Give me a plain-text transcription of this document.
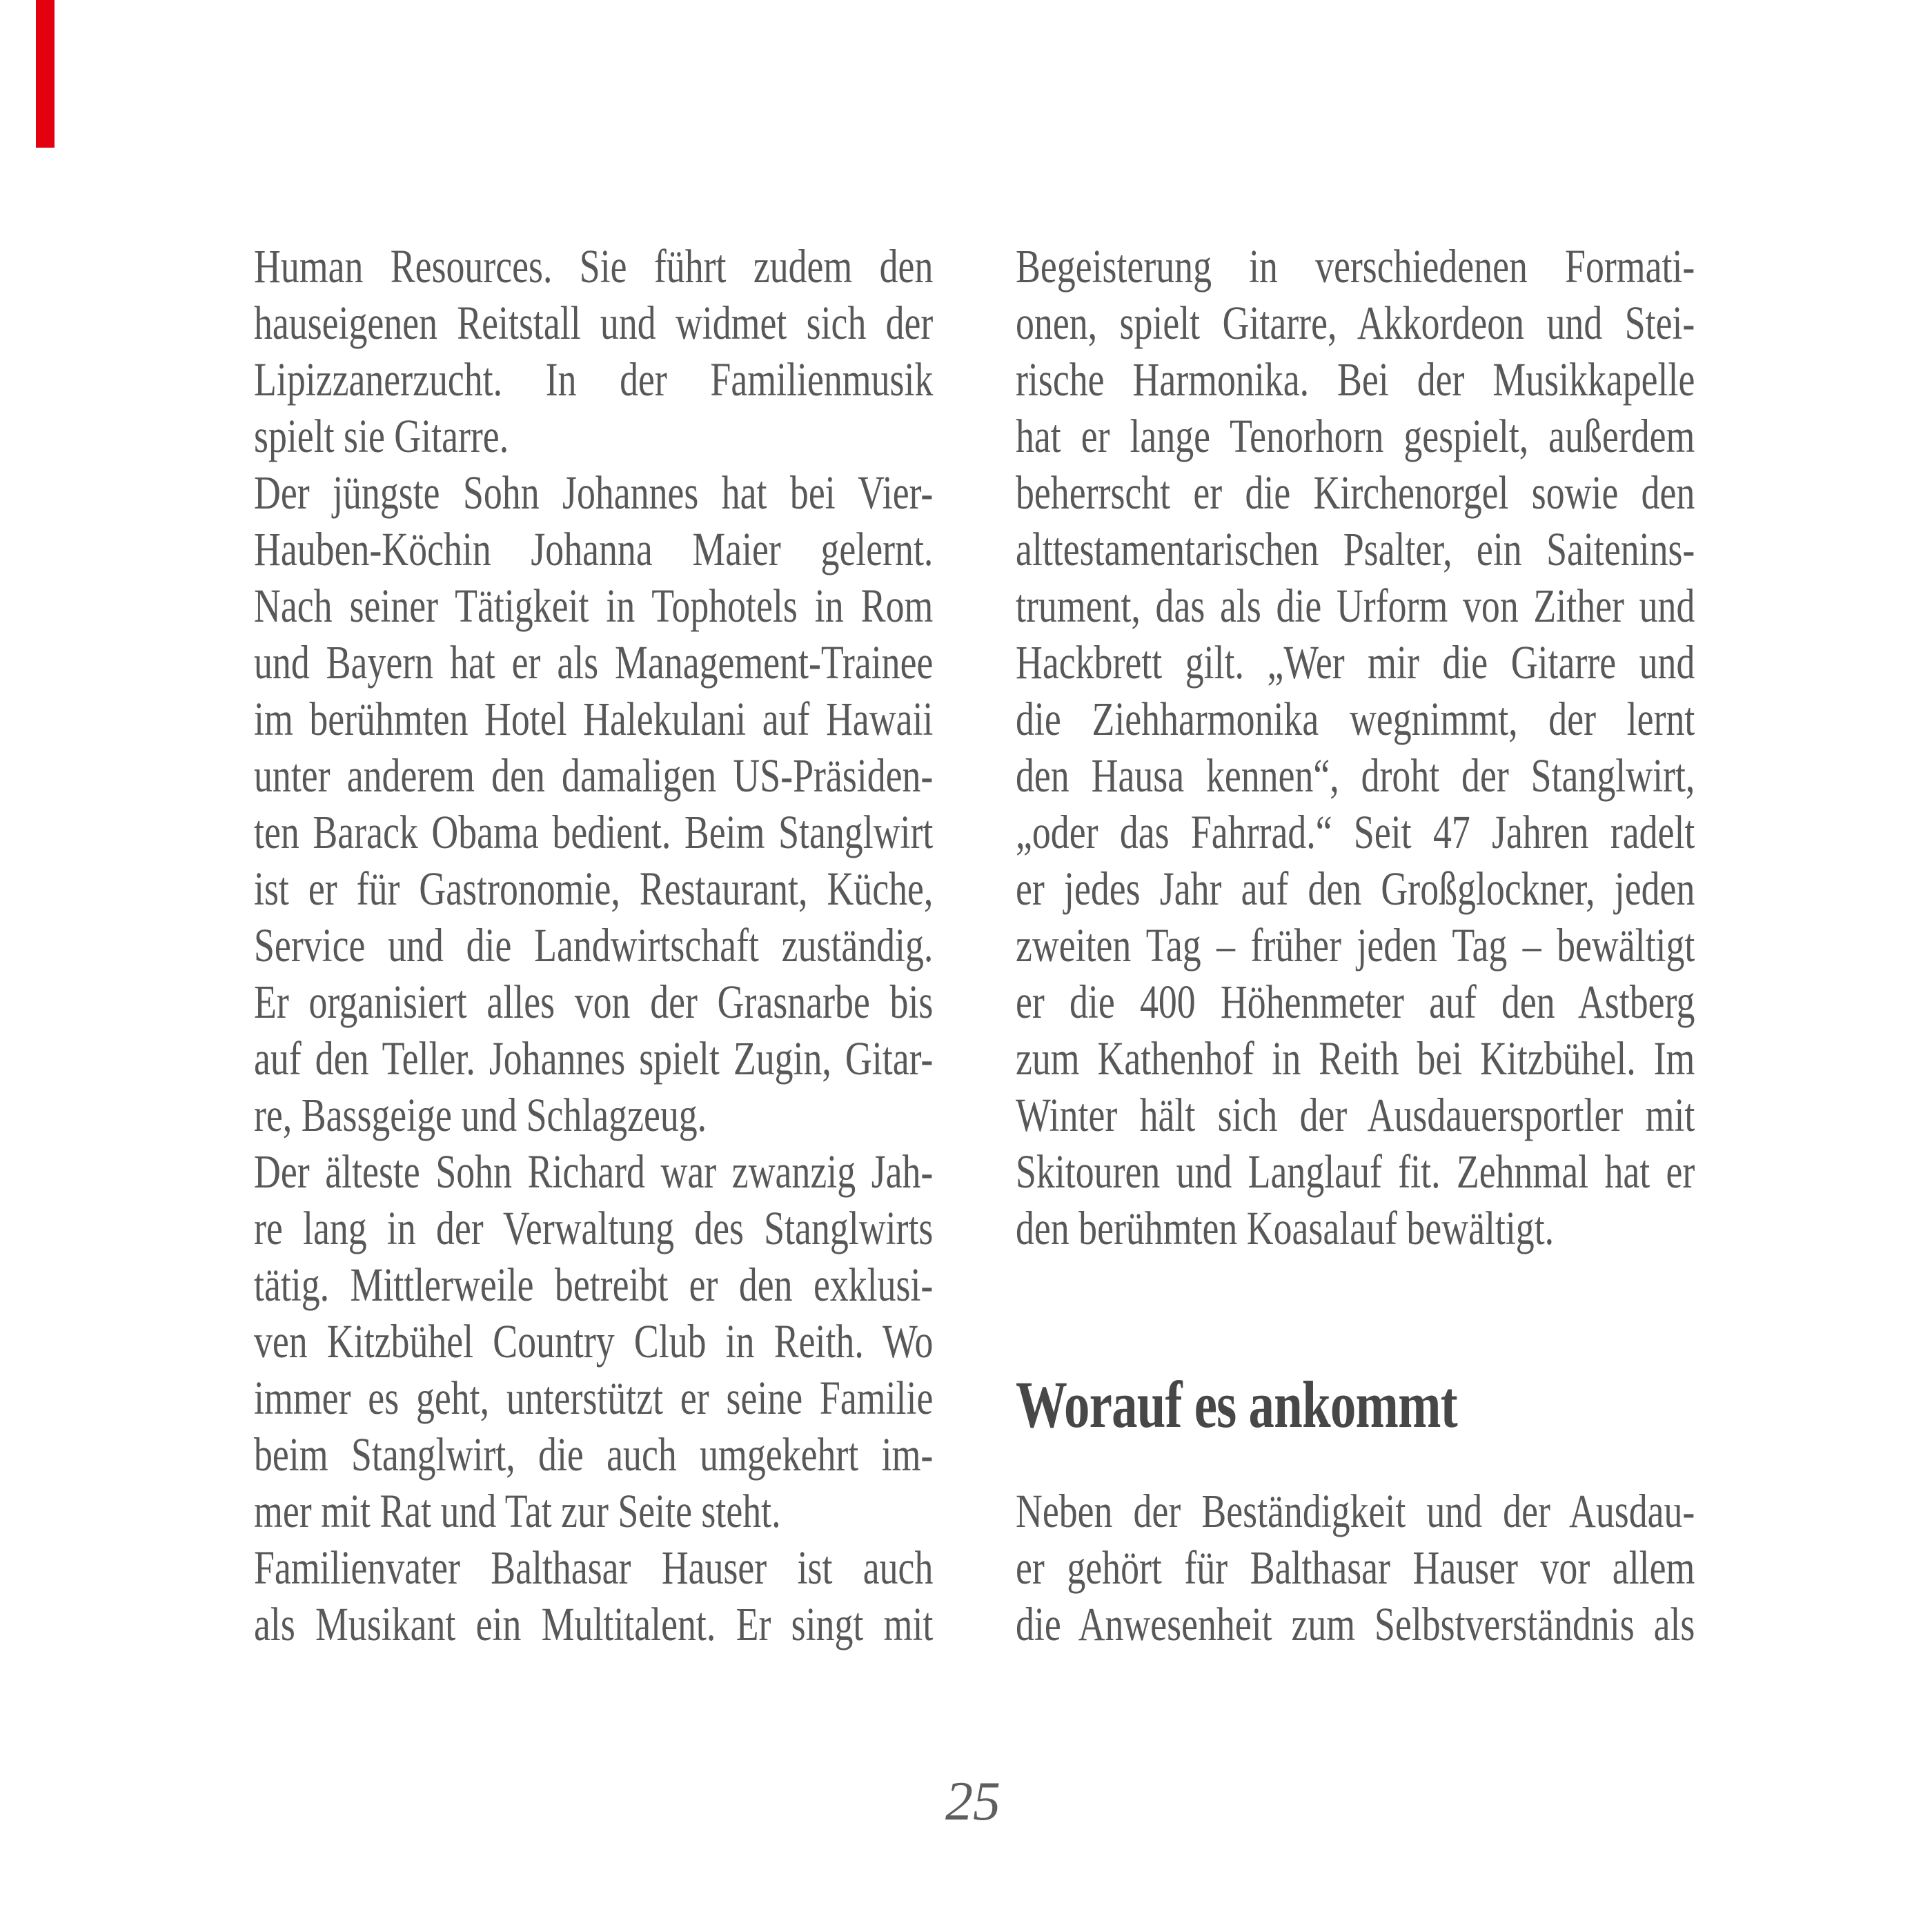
Human Resources. Sie führt zudem den
hauseigenen Reitstall und widmet sich der
Lipizzanerzucht. In der Familienmusik
spielt sie Gitarre.
Der jüngste Sohn Johannes hat bei Vier-
Hauben-Köchin Johanna Maier gelernt.
Nach seiner Tätigkeit in Tophotels in Rom
und Bayern hat er als Management-Trainee
im berühmten Hotel Halekulani auf Hawaii
unter anderem den damaligen US-Präsiden-
ten Barack Obama bedient. Beim Stanglwirt
ist er für Gastronomie, Restaurant, Küche,
Service und die Landwirtschaft zuständig.
Er organisiert alles von der Grasnarbe bis
auf den Teller. Johannes spielt Zugin, Gitar-
re, Bassgeige und Schlagzeug.
Der älteste Sohn Richard war zwanzig Jah-
re lang in der Verwaltung des Stanglwirts
tätig. Mittlerweile betreibt er den exklusi-
ven Kitzbühel Country Club in Reith. Wo
immer es geht, unterstützt er seine Familie
beim Stanglwirt, die auch umgekehrt im-
mer mit Rat und Tat zur Seite steht.
Familienvater Balthasar Hauser ist auch
als Musikant ein Multitalent. Er singt mit
Begeisterung in verschiedenen Formati-
onen, spielt Gitarre, Akkordeon und Stei-
rische Harmonika. Bei der Musikkapelle
hat er lange Tenorhorn gespielt, außerdem
beherrscht er die Kirchenorgel sowie den
alttestamentarischen Psalter, ein Saitenins-
trument, das als die Urform von Zither und
Hackbrett gilt. „Wer mir die Gitarre und
die Ziehharmonika wegnimmt, der lernt
den Hausa kennen“, droht der Stanglwirt,
„oder das Fahrrad.“ Seit 47 Jahren radelt
er jedes Jahr auf den Großglockner, jeden
zweiten Tag – früher jeden Tag – bewältigt
er die 400 Höhenmeter auf den Astberg
zum Kathenhof in Reith bei Kitzbühel. Im
Winter hält sich der Ausdauersportler mit
Skitouren und Langlauf fit. Zehnmal hat er
den berühmten Koasalauf bewältigt.
Worauf es ankommt
Neben der Beständigkeit und der Ausdau-
er gehört für Balthasar Hauser vor allem
die Anwesenheit zum Selbstverständnis als
25
